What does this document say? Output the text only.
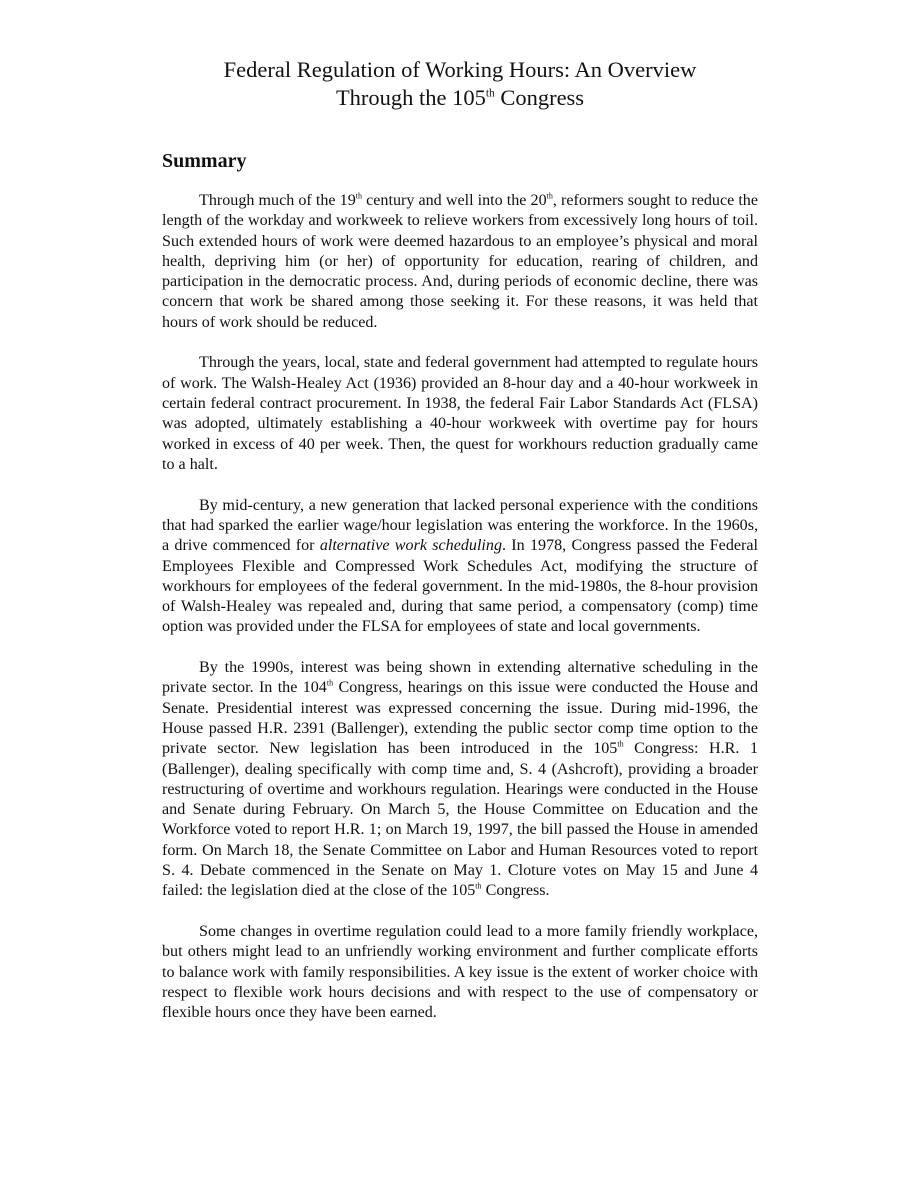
Federal Regulation of Working Hours: An Overview
Through the 105th Congress
Summary

Through much of the 19th century and well into the 20th, reformers sought to reduce the length of the workday and workweek to relieve workers from excessively long hours of toil. Such extended hours of work were deemed hazardous to an employee’s physical and moral health, depriving him (or her) of opportunity for education, rearing of children, and participation in the democratic process. And, during periods of economic decline, there was concern that work be shared among those seeking it. For these reasons, it was held that hours of work should be reduced.

Through the years, local, state and federal government had attempted to regulate hours of work. The Walsh-Healey Act (1936) provided an 8-hour day and a 40-hour workweek in certain federal contract procurement. In 1938, the federal Fair Labor Standards Act (FLSA) was adopted, ultimately establishing a 40-hour workweek with overtime pay for hours worked in excess of 40 per week. Then, the quest for workhours reduction gradually came to a halt.

By mid-century, a new generation that lacked personal experience with the conditions that had sparked the earlier wage/hour legislation was entering the workforce. In the 1960s, a drive commenced for alternative work scheduling. In 1978, Congress passed the Federal Employees Flexible and Compressed Work Schedules Act, modifying the structure of workhours for employees of the federal government. In the mid-1980s, the 8-hour provision of Walsh-Healey was repealed and, during that same period, a compensatory (comp) time option was provided under the FLSA for employees of state and local governments.

By the 1990s, interest was being shown in extending alternative scheduling in the private sector. In the 104th Congress, hearings on this issue were conducted the House and Senate. Presidential interest was expressed concerning the issue. During mid-1996, the House passed H.R. 2391 (Ballenger), extending the public sector comp time option to the private sector. New legislation has been introduced in the 105th Congress: H.R. 1 (Ballenger), dealing specifically with comp time and, S. 4 (Ashcroft), providing a broader restructuring of overtime and workhours regulation. Hearings were conducted in the House and Senate during February. On March 5, the House Committee on Education and the Workforce voted to report H.R. 1; on March 19, 1997, the bill passed the House in amended form. On March 18, the Senate Committee on Labor and Human Resources voted to report S. 4. Debate commenced in the Senate on May 1. Cloture votes on May 15 and June 4 failed: the legislation died at the close of the 105th Congress.

Some changes in overtime regulation could lead to a more family friendly workplace, but others might lead to an unfriendly working environment and further complicate efforts to balance work with family responsibilities. A key issue is the extent of worker choice with respect to flexible work hours decisions and with respect to the use of compensatory or flexible hours once they have been earned.
